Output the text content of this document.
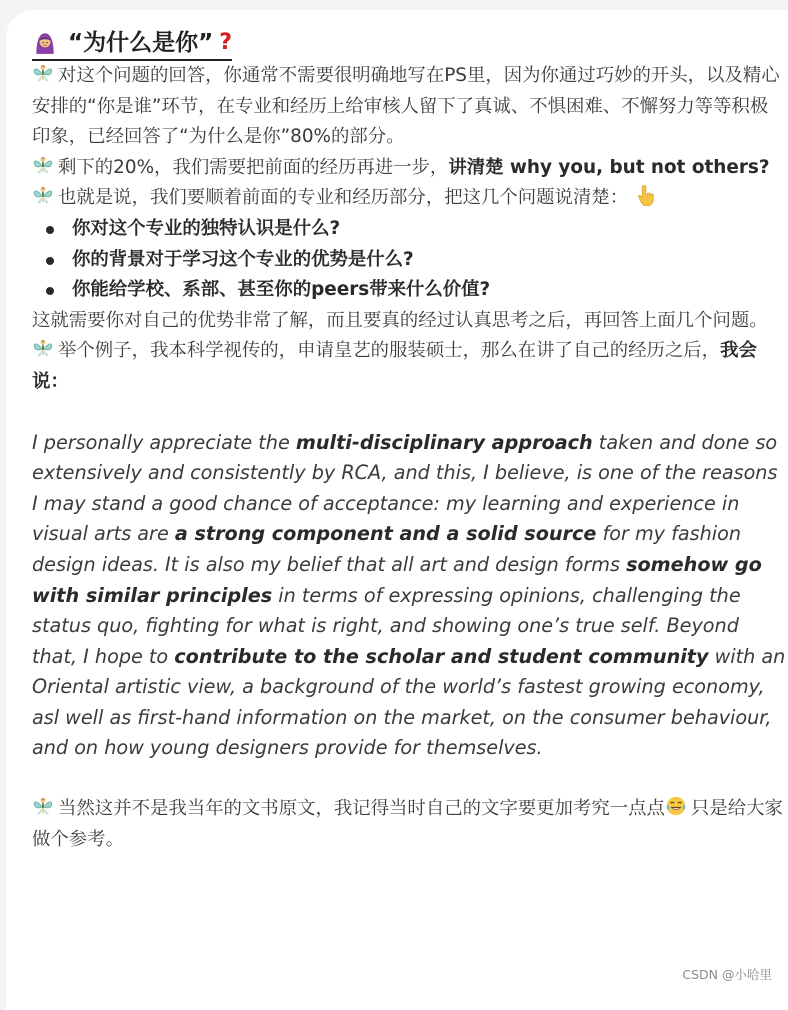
“为什么是你” ?
对这个问题的回答，你通常不需要很明确地写在PS里，因为你通过巧妙的开头，以及精心安排的“你是谁”环节，在专业和经历上给审核人留下了真诚、不惧困难、不懈努力等等积极印象，已经回答了“为什么是你”80%的部分。
剩下的20%，我们需要把前面的经历再进一步，讲清楚 why you, but not others?
也就是说，我们要顺着前面的专业和经历部分，把这几个问题说清楚：
你对这个专业的独特认识是什么?
你的背景对于学习这个专业的优势是什么?
你能给学校、系部、甚至你的peers带来什么价值?
这就需要你对自己的优势非常了解，而且要真的经过认真思考之后，再回答上面几个问题。
举个例子，我本科学视传的，申请皇艺的服装硕士，那么在讲了自己的经历之后，我会说：
I personally appreciate the multi-disciplinary approach taken and done so extensively and consistently by RCA, and this, I believe, is one of the reasons I may stand a good chance of acceptance: my learning and experience in visual arts are a strong component and a solid source for my fashion design ideas. It is also my belief that all art and design forms somehow go with similar principles in terms of expressing opinions, challenging the status quo, fighting for what is right, and showing one’s true self. Beyond that, I hope to contribute to the scholar and student community with an Oriental artistic view, a background of the world’s fastest growing economy, asl well as first-hand information on the market, on the consumer behaviour, and on how young designers provide for themselves.
当然这并不是我当年的文书原文，我记得当时自己的文字要更加考究一点点 只是给大家做个参考。
CSDN @小哈里
